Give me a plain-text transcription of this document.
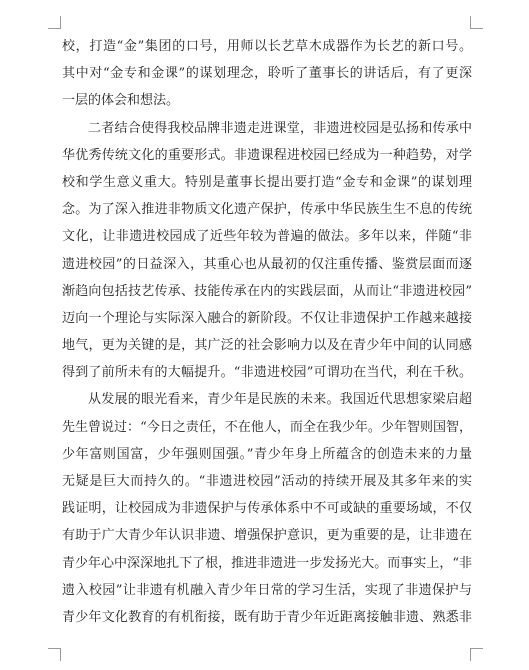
校，打造“金”集团的口号，用师以长艺草木成器作为长艺的新口号。
其中对“金专和金课”的谋划理念，聆听了董事长的讲话后，有了更深
一层的体会和想法。
二者结合使得我校品牌非遗走进课堂，非遗进校园是弘扬和传承中
华优秀传统文化的重要形式。非遗课程进校园已经成为一种趋势，对学
校和学生意义重大。特别是董事长提出要打造“金专和金课”的谋划理
念。为了深入推进非物质文化遗产保护，传承中华民族生生不息的传统
文化，让非遗进校园成了近些年较为普遍的做法。多年以来，伴随“非
遗进校园”的日益深入，其重心也从最初的仅注重传播、鉴赏层面而逐
渐趋向包括技艺传承、技能传承在内的实践层面，从而让“非遗进校园”
迈向一个理论与实际深入融合的新阶段。不仅让非遗保护工作越来越接
地气，更为关键的是，其广泛的社会影响力以及在青少年中间的认同感
得到了前所未有的大幅提升。“非遗进校园”可谓功在当代，利在千秋。
从发展的眼光看来，青少年是民族的未来。我国近代思想家梁启超
先生曾说过：“今日之责任，不在他人，而全在我少年。少年智则国智，
少年富则国富，少年强则国强。”青少年身上所蕴含的创造未来的力量
无疑是巨大而持久的。“非遗进校园”活动的持续开展及其多年来的实
践证明，让校园成为非遗保护与传承体系中不可或缺的重要场域，不仅
有助于广大青少年认识非遗、增强保护意识，更为重要的是，让非遗在
青少年心中深深地扎下了根，推进非遗进一步发扬光大。而事实上，“非
遗入校园”让非遗有机融入青少年日常的学习生活，实现了非遗保护与
青少年文化教育的有机衔接，既有助于青少年近距离接触非遗、熟悉非
